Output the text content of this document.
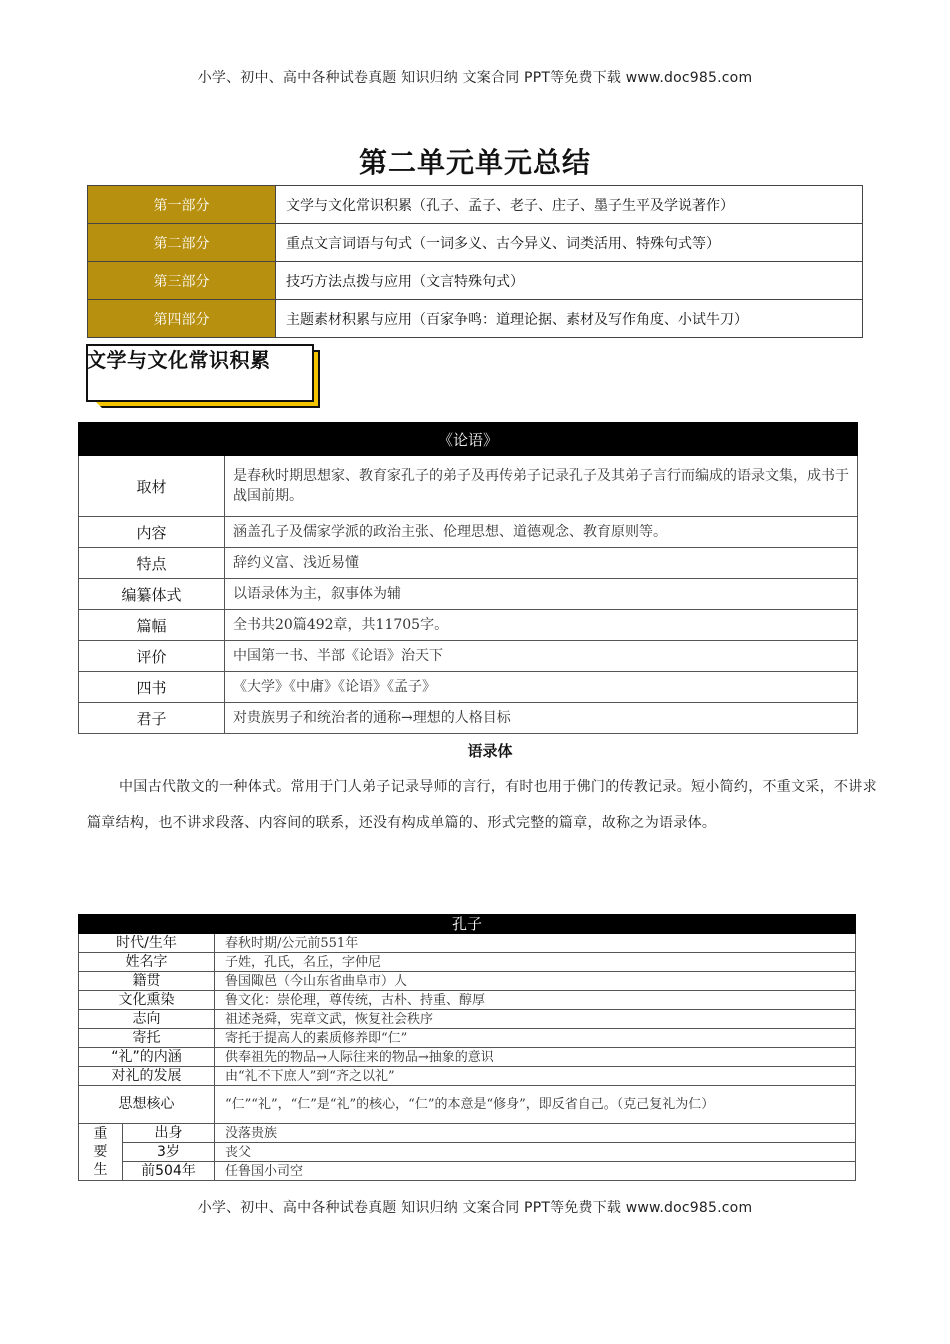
小学、初中、高中各种试卷真题 知识归纳 文案合同 PPT等免费下载 www.doc985.com
第二单元单元总结
第一部分	文学与文化常识积累（孔子、孟子、老子、庄子、墨子生平及学说著作）
第二部分	重点文言词语与句式（一词多义、古今异义、词类活用、特殊句式等）
第三部分	技巧方法点拨与应用（文言特殊句式）
第四部分	主题素材积累与应用（百家争鸣：道理论据、素材及写作角度、小试牛刀）
文学与文化常识积累
《论语》	
取材	是春秋时期思想家、教育家孔子的弟子及再传弟子记录孔子及其弟子言行而编成的语录文集，成书于战国前期。
内容	涵盖孔子及儒家学派的政治主张、伦理思想、道德观念、教育原则等。
特点	辞约义富、浅近易懂
编纂体式	以语录体为主，叙事体为辅
篇幅	全书共20篇492章，共11705字。
评价	中国第一书、半部《论语》治天下
四书	《大学》《中庸》《论语》《孟子》
君子	对贵族男子和统治者的通称→理想的人格目标
语录体
中国古代散文的一种体式。常用于门人弟子记录导师的言行，有时也用于佛门的传教记录。短小简约，不重文采，不讲求篇章结构，也不讲求段落、内容间的联系，还没有构成单篇的、形式完整的篇章，故称之为语录体。
孔子		
时代/生年		春秋时期/公元前551年
姓名字		子姓，孔氏，名丘，字仲尼
籍贯		鲁国陬邑（今山东省曲阜市）人
文化熏染		鲁文化：崇伦理，尊传统，古朴、持重、醇厚
志向		祖述尧舜，宪章文武，恢复社会秩序
寄托		寄托于提高人的素质修养即“仁”
“礼”的内涵		供奉祖先的物品→人际往来的物品→抽象的意识
对礼的发展		由“礼不下庶人”到“齐之以礼”
思想核心		“仁”“礼”，“仁”是“礼”的核心，“仁”的本意是“修身”，即反省自己。（克己复礼为仁）

重
要
生	出身	没落贵族
	3岁	丧父
	前504年	任鲁国小司空
小学、初中、高中各种试卷真题 知识归纳 文案合同 PPT等免费下载 www.doc985.com
